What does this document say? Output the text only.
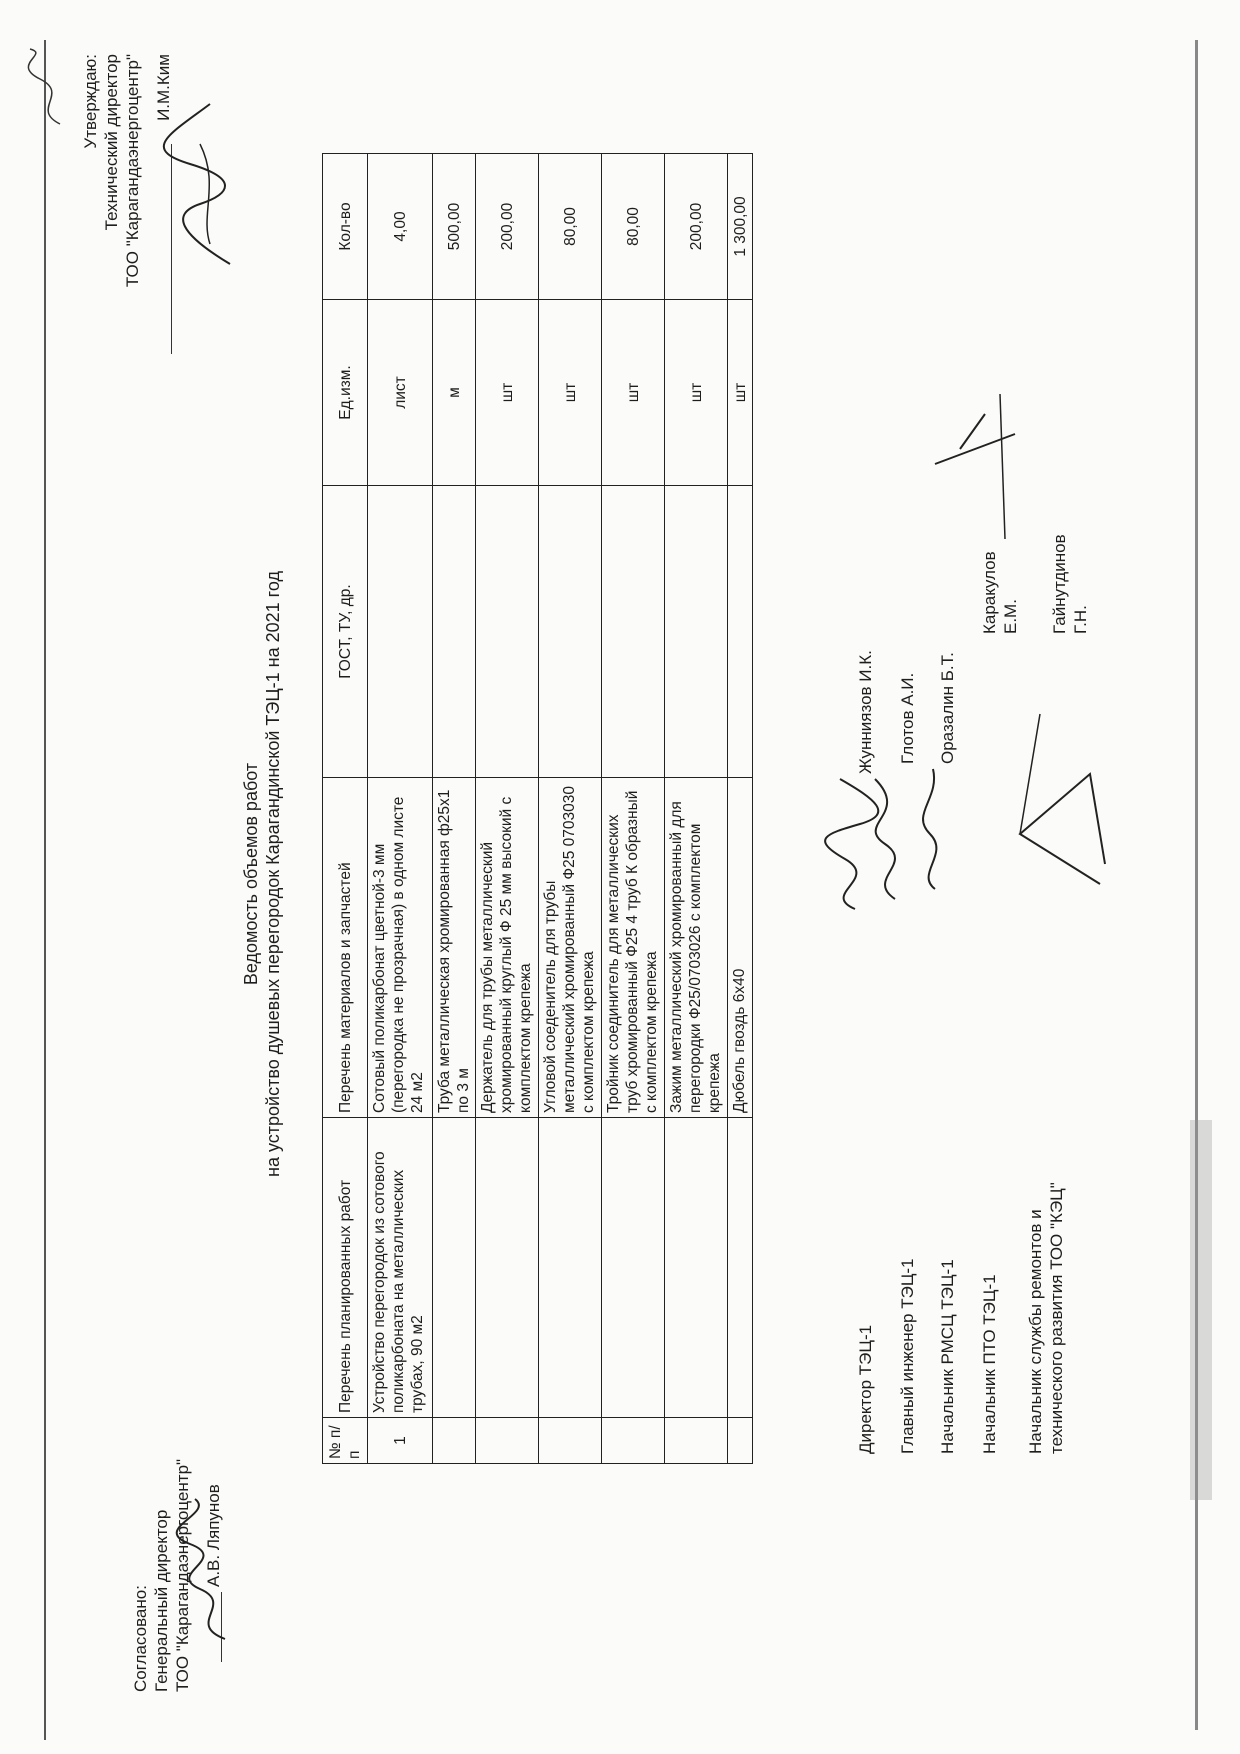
Утверждаю: Технический директор ТОО "Карагандаэнергоцентр" И.М.Ким
Согласовано: Генеральный директор ТОО "Карагандаэнергоцентр" А.В. Ляпунов
Ведомость объемов работ на устройство душевых перегородок Карагандинской ТЭЦ-1 на 2021 год
№ п/п	Перечень планированных работ	Перечень материалов и запчастей	ГОСТ, ТУ, др.	Ед.изм.	Кол-во
1	Устройство перегородок из сотового поликарбоната на металлических трубах, 90 м2	Сотовый поликарбонат цветной-3 мм (перегородка не прозрачная) в одном листе 24 м2		лист	4,00
		Труба металлическая хромированная ф25х1 по 3 м		м	500,00
		Держатель для трубы металлический хромированный круглый Ф 25 мм высокий с комплектом крепежа		шт	200,00
		Угловой соеденитель для трубы металлический хромированный Ф25 0703030 с комплектом крепежа		шт	80,00
		Тройник соединитель для металлических труб хромированный Ф25 4 труб К образный с комплектом крепежа		шт	80,00
		Зажим металлический хромированный для перегородки Ф25/0703026 с комплектом крепежа		шт	200,00
		Дюбель гвоздь 6х40		шт	1 300,00
Директор ТЭЦ-1
Жунниязов И.К.
Главный инженер ТЭЦ-1
Глотов А.И.
Начальник РМСЦ ТЭЦ-1
Оразалин Б.Т.
Начальник ПТО ТЭЦ-1
Каракулов Е.М.
Начальник службы ремонтов и технического развития ТОО "КЭЦ"
Гайнутдинов Г.Н.
